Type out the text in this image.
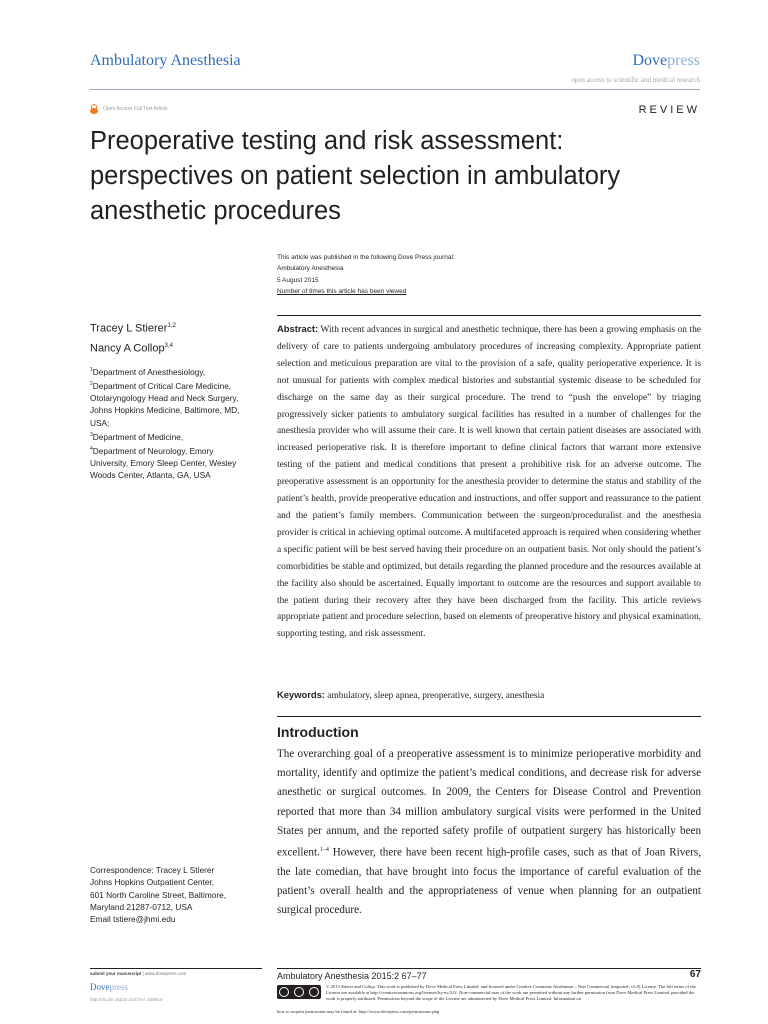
Ambulatory Anesthesia	Dovepress
open access to scientific and medical research
Open Access Full Text Article	REVIEW
Preoperative testing and risk assessment:
perspectives on patient selection in ambulatory
anesthetic procedures
This article was published in the following Dove Press journal:
Ambulatory Anesthesia
5 August 2015
Number of times this article has been viewed
Tracey L Stierer$^{1,2}$
Nancy A Collop$^{3,4}$
$^1$Department of Anesthesiology,
$^2$Department of Critical Care Medicine, Otolaryngology Head and Neck Surgery, Johns Hopkins Medicine, Baltimore, MD, USA;
$^3$Department of Medicine,
$^4$Department of Neurology, Emory University, Emory Sleep Center, Wesley Woods Center, Atlanta, GA, USA
Correspondence: Tracey L Stierer
Johns Hopkins Outpatient Center,
601 North Caroline Street, Baltimore,
Maryland 21287-0712, USA
Email tstiere@jhmi.edu
Abstract: With recent advances in surgical and anesthetic technique, there has been a growing emphasis on the delivery of care to patients undergoing ambulatory procedures of increasing complexity. Appropriate patient selection and meticulous preparation are vital to the provision of a safe, quality perioperative experience. It is not unusual for patients with complex medical histories and substantial systemic disease to be scheduled for discharge on the same day as their surgical procedure. The trend to “push the envelope” by triaging progressively sicker patients to ambulatory surgical facilities has resulted in a number of challenges for the anesthesia provider who will assume their care. It is well known that certain patient diseases are associated with increased perioperative risk. It is therefore important to define clinical factors that warrant more extensive testing of the patient and medical conditions that present a prohibitive risk for an adverse outcome. The preoperative assessment is an opportunity for the anesthesia provider to determine the status and stability of the patient’s health, provide preoperative education and instructions, and offer support and reassurance to the patient and the patient’s family members. Communication between the surgeon/proceduralist and the anesthesia provider is critical in achieving optimal outcome. A multifaceted approach is required when considering whether a specific patient will be best served having their procedure on an outpatient basis. Not only should the patient’s comorbidities be stable and optimized, but details regarding the planned procedure and the resources available at the facility also should be ascertained. Equally important to outcome are the resources and support available to the patient during their recovery after they have been discharged from the facility. This article reviews appropriate patient and procedure selection, based on elements of preoperative history and physical examination, supporting testing, and risk assessment.
Keywords: ambulatory, sleep apnea, preoperative, surgery, anesthesia
Introduction
The overarching goal of a preoperative assessment is to minimize perioperative morbidity and mortality, identify and optimize the patient’s medical conditions, and decrease risk for adverse anesthetic or surgical outcomes. In 2009, the Centers for Disease Control and Prevention reported that more than 34 million ambulatory surgical visits were performed in the United States per annum, and the reported safety profile of outpatient surgery has historically been excellent.$^{1-4}$ However, there have been recent high-profile cases, such as that of Joan Rivers, the late comedian, that have brought into focus the importance of careful evaluation of the patient’s overall health and the appropriateness of venue when planning for an outpatient surgical procedure.
submit your manuscript | www.dovepress.com
Dovepress
http://dx.doi.org/10.2147/AA.S59819
Ambulatory Anesthesia 2015:2 67–77	67
© 2015 Stierer and Collop. This work is published by Dove Medical Press Limited, and licensed under Creative Commons Attribution – Non Commercial (unported, v3.0) License. The full terms of the License are available at http://creativecommons.org/licenses/by-nc/3.0/. Non-commercial uses of the work are permitted without any further permission from Dove Medical Press Limited, provided the work is properly attributed. Permissions beyond the scope of the License are administered by Dove Medical Press Limited. Information on
how to request permission may be found at: http://www.dovepress.com/permissions.php
